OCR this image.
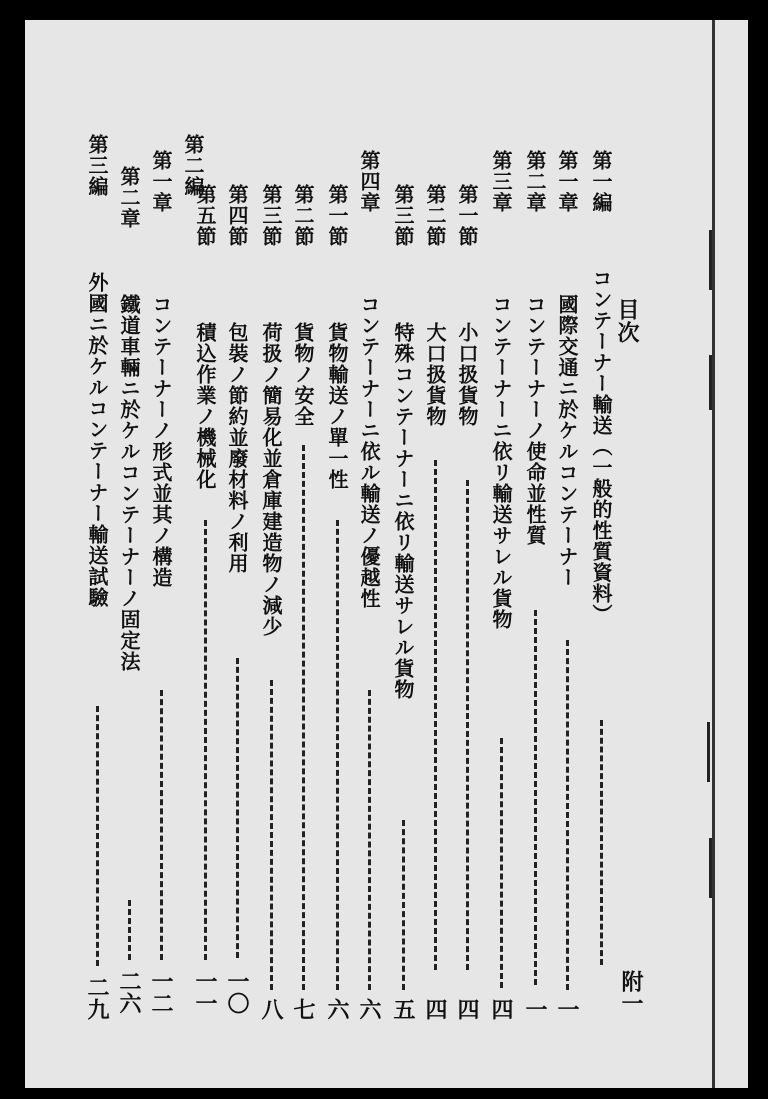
目次
第一編
コンテーナー輸送（一般的性質資料）
附一
第一章
國際交通ニ於ケルコンテーナー
一
第二章
コンテーナーノ使命並性質
一
第三章
コンテーナーニ依リ輸送サレル貨物
四
第一節
小口扱貨物
四
第二節
大口扱貨物
四
第三節
特殊コンテーナーニ依リ輸送サレル貨物
五
第四章
コンテーナーニ依ル輸送ノ優越性
六
第一節
貨物輸送ノ單一性
六
第二節
貨物ノ安全
七
第三節
荷扱ノ簡易化並倉庫建造物ノ減少
八
第四節
包裝ノ節約並廢材料ノ利用
一〇
第五節
積込作業ノ機械化
一一
第二編
第一章
コンテーナーノ形式並其ノ構造
一二
第二章
鐵道車輛ニ於ケルコンテーナーノ固定法
二六
第三編
外國ニ於ケルコンテーナー輸送試驗
二九
